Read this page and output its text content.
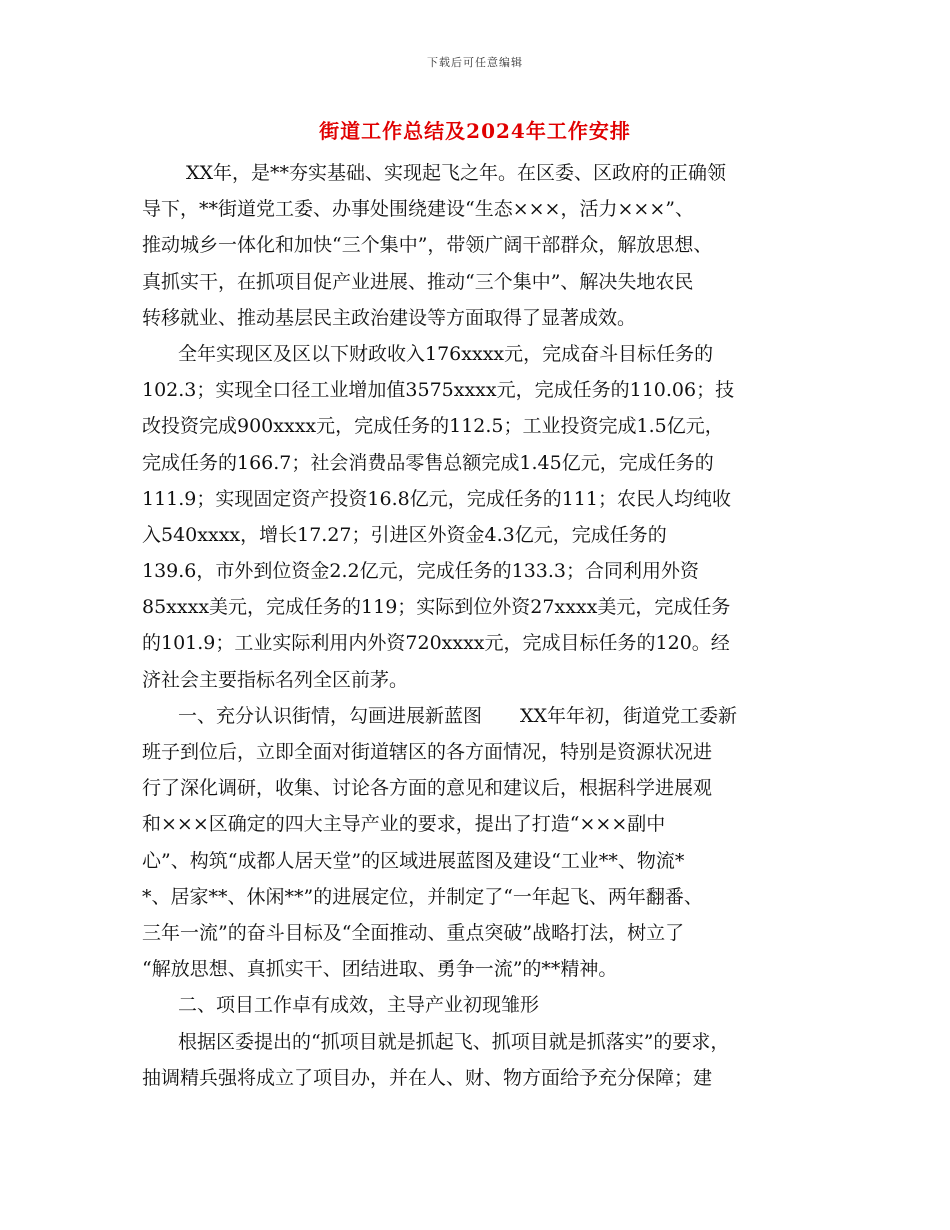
下载后可任意编辑
街道工作总结及2024年工作安排
XX年，是**夯实基础、实现起飞之年。在区委、区政府的正确领
导下，**街道党工委、办事处围绕建设“生态×××，活力×××”、
推动城乡一体化和加快“三个集中”，带领广阔干部群众，解放思想、
真抓实干，在抓项目促产业进展、推动“三个集中”、解决失地农民
转移就业、推动基层民主政治建设等方面取得了显著成效。
全年实现区及区以下财政收入176xxxx元，完成奋斗目标任务的
102.3；实现全口径工业增加值3575xxxx元，完成任务的110.06；技
改投资完成900xxxx元，完成任务的112.5；工业投资完成1.5亿元，
完成任务的166.7；社会消费品零售总额完成1.45亿元，完成任务的
111.9；实现固定资产投资16.8亿元，完成任务的111；农民人均纯收
入540xxxx，增长17.27；引进区外资金4.3亿元，完成任务的
139.6，市外到位资金2.2亿元，完成任务的133.3；合同利用外资
85xxxx美元，完成任务的119；实际到位外资27xxxx美元，完成任务
的101.9；工业实际利用内外资720xxxx元，完成目标任务的120。经
济社会主要指标名列全区前茅。
一、充分认识街情，勾画进展新蓝图　　XX年年初，街道党工委新
班子到位后，立即全面对街道辖区的各方面情况，特别是资源状况进
行了深化调研，收集、讨论各方面的意见和建议后，根据科学进展观
和×××区确定的四大主导产业的要求，提出了打造“×××副中
心”、构筑“成都人居天堂”的区域进展蓝图及建设“工业**、物流*
*、居家**、休闲**”的进展定位，并制定了“一年起飞、两年翻番、
三年一流”的奋斗目标及“全面推动、重点突破”战略打法，树立了
“解放思想、真抓实干、团结进取、勇争一流”的**精神。
二、项目工作卓有成效，主导产业初现雏形
根据区委提出的“抓项目就是抓起飞、抓项目就是抓落实”的要求，
抽调精兵强将成立了项目办，并在人、财、物方面给予充分保障；建
